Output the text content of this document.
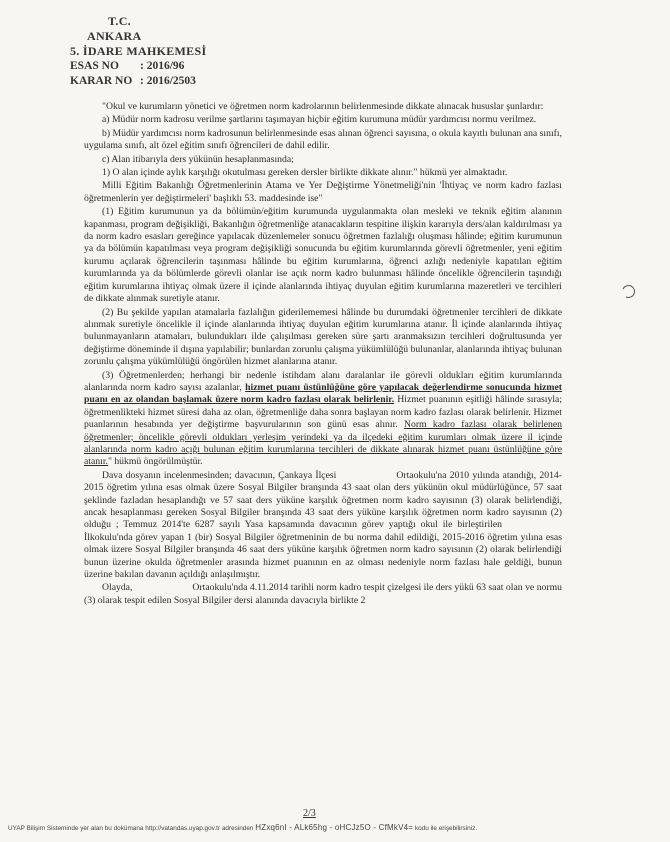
T.C.
ANKARA
5. İDARE MAHKEMESİ
ESAS NO : 2016/96
KARAR NO : 2016/2503

"Okul ve kurumların yönetici ve öğretmen norm kadrolarının belirlenmesinde dikkate alınacak hususlar şunlardır:

a) Müdür norm kadrosu verilme şartlarını taşımayan hiçbir eğitim kurumuna müdür yardımcısı normu verilmez.

b) Müdür yardımcısı norm kadrosunun belirlenmesinde esas alınan öğrenci sayısına, o okula kayıtlı bulunan ana sınıfı, uygulama sınıfı, alt özel eğitim sınıfı öğrencileri de dahil edilir.

c) Alan itibarıyla ders yükünün hesaplanmasında;

1) O alan içinde aylık karşılığı okutulması gereken dersler birlikte dikkate alınır." hükmü yer almaktadır.

Milli Eğitim Bakanlığı Öğretmenlerinin Atama ve Yer Değiştirme Yönetmeliği'nin 'İhtiyaç ve norm kadro fazlası öğretmenlerin yer değiştirmeleri' başlıklı 53. maddesinde ise"

(1) Eğitim kurumunun ya da bölümün/eğitim kurumunda uygulanmakta olan mesleki ve teknik eğitim alanının kapanması, program değişikliği, Bakanlığın öğretmenliğe atanacakların tespitine ilişkin kararıyla ders/alan kaldırılması ya da norm kadro esasları gereğince yapılacak düzenlemeler sonucu öğretmen fazlalığı oluşması hâlinde; eğitim kurumunun ya da bölümün kapatılması veya program değişikliği sonucunda bu eğitim kurumlarında görevli öğretmenler, yeni eğitim kurumu açılarak öğrencilerin taşınması hâlinde bu eğitim kurumlarına, öğrenci azlığı nedeniyle kapatılan eğitim kurumlarında ya da bölümlerde görevli olanlar ise açık norm kadro bulunması hâlinde öncelikle öğrencilerin taşındığı eğitim kurumlarına ihtiyaç olmak üzere il içinde alanlarında ihtiyaç duyulan eğitim kurumlarına mazeretleri ve tercihleri de dikkate alınmak suretiyle atanır.

(2) Bu şekilde yapılan atamalarla fazlalığın giderilememesi hâlinde bu durumdaki öğretmenler tercihleri de dikkate alınmak suretiyle öncelikle il içinde alanlarında ihtiyaç duyulan eğitim kurumlarına atanır. İl içinde alanlarında ihtiyaç bulunmayanların atamaları, bulundukları ilde çalışılması gereken süre şartı aranmaksızın tercihleri doğrultusunda yer değiştirme döneminde il dışına yapılabilir; bunlardan zorunlu çalışma yükümlülüğü bulunanlar, alanlarında ihtiyaç bulunan zorunlu çalışma yükümlülüğü öngörülen hizmet alanlarına atanır.

(3) Öğretmenlerden; herhangi bir nedenle istihdam alanı daralanlar ile görevli oldukları eğitim kurumlarında alanlarında norm kadro sayısı azalanlar, hizmet puanı üstünlüğüne göre yapılacak değerlendirme sonucunda hizmet puanı en az olandan başlamak üzere norm kadro fazlası olarak belirlenir. Hizmet puanının eşitliği hâlinde sırasıyla; öğretmenlikteki hizmet süresi daha az olan, öğretmenliğe daha sonra başlayan norm kadro fazlası olarak belirlenir. Hizmet puanlarının hesabında yer değiştirme başvurularının son günü esas alınır. Norm kadro fazlası olarak belirlenen öğretmenler; öncelikle görevli oldukları yerleşim yerindeki ya da ilçedeki eğitim kurumları olmak üzere il içinde alanlarında norm kadro açığı bulunan eğitim kurumlarına tercihleri de dikkate alınarak hizmet puanı üstünlüğüne göre atanır." hükmü öngörülmüştür.

Dava dosyanın incelenmesinden; davacının, Çankaya İlçesi	Ortaokulu'na 2010 yılında atandığı, 2014-2015 öğretim yılına esas olmak üzere Sosyal Bilgiler branşında 43 saat olan ders yükünün okul müdürlüğünce, 57 saat şeklinde fazladan hesaplandığı ve 57 saat ders yüküne karşılık öğretmen norm kadro sayısının (3) olarak belirlendiği, ancak hesaplanması gereken Sosyal Bilgiler branşında 43 saat ders yüküne karşılık öğretmen norm kadro sayısının (2) olduğu ; Temmuz 2014'te 6287 sayılı Yasa kapsamında davacının görev yaptığı okul ile birleştirilenİlkokulu'nda görev yapan 1 (bir) Sosyal Bilgiler öğretmeninin de bu norma dahil edildiği, 2015-2016 öğretim yılına esas olmak üzere Sosyal Bilgiler branşında 46 saat ders yüküne karşılık öğretmen norm kadro sayısının (2) olarak belirlendiği bunun üzerine okulda öğretmenler arasında hizmet puanının en az olması nedeniyle norm fazlası hale geldiği, bunun üzerine bakılan davanın açıldığı anlaşılmıştır.

Olayda,	Ortaokulu'nda 4.11.2014 tarihli norm kadro tespit çizelgesi ile ders yükü 63 saat olan ve normu (3) olarak tespit edilen Sosyal Bilgiler dersi alanında davacıyla birlikte 2

2/3
UYAP Bilişim Sisteminde yer alan bu dokümana http://vatandas.uyap.gov.tr adresinden HZxq6nI - ALk65hg - oHCJz5O - CfMkV4= kodu ile erişebilirsiniz.
